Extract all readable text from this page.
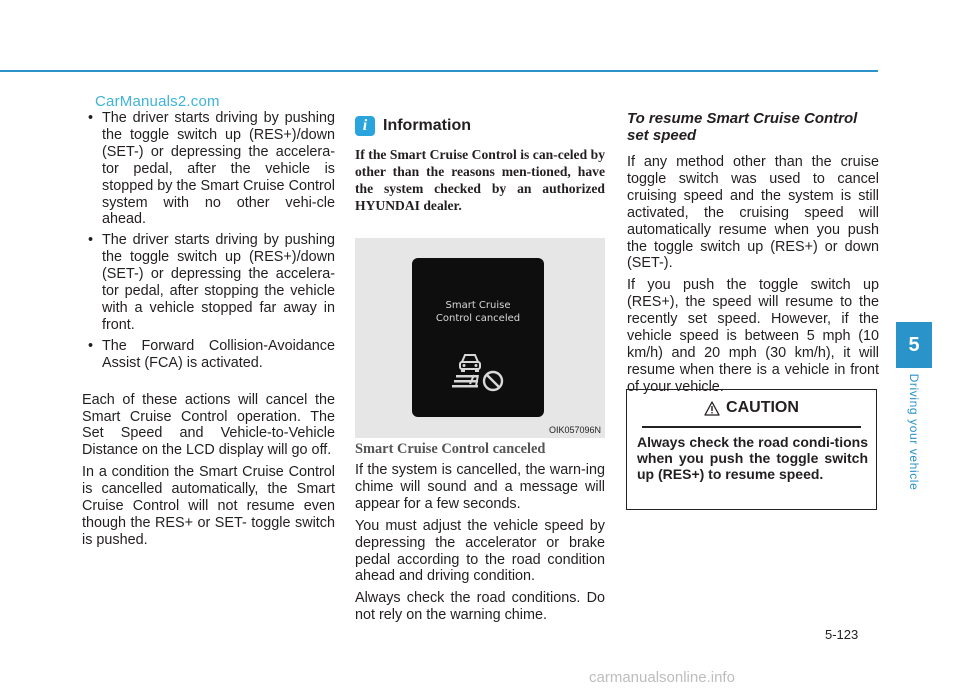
CarManuals2.com
• The driver starts driving by pushing the toggle switch up (RES+)/down (SET-) or depressing the accelera-tor pedal, after the vehicle is stopped by the Smart Cruise Control system with no other vehi-cle ahead.
• The driver starts driving by pushing the toggle switch up (RES+)/down (SET-) or depressing the accelera-tor pedal, after stopping the vehicle with a vehicle stopped far away in front.
• The Forward Collision-Avoidance Assist (FCA) is activated.

Each of these actions will cancel the Smart Cruise Control operation. The Set Speed and Vehicle-to-Vehicle Distance on the LCD display will go off.

In a condition the Smart Cruise Control is cancelled automatically, the Smart Cruise Control will not resume even though the RES+ or SET- toggle switch is pushed.

i Information

If the Smart Cruise Control is can-celed by other than the reasons men-tioned, have the system checked by an authorized HYUNDAI dealer.

Smart Cruise
Control canceled
OIK057096N
Smart Cruise Control canceled

If the system is cancelled, the warn-ing chime will sound and a message will appear for a few seconds.

You must adjust the vehicle speed by depressing the accelerator or brake pedal according to the road condition ahead and driving condition.

Always check the road conditions. Do not rely on the warning chime.

To resume Smart Cruise Control set speed

If any method other than the cruise toggle switch was used to cancel cruising speed and the system is still activated, the cruising speed will automatically resume when you push the toggle switch up (RES+) or down (SET-).

If you push the toggle switch up (RES+), the speed will resume to the recently set speed. However, if the vehicle speed is between 5 mph (10 km/h) and 20 mph (30 km/h), it will resume when there is a vehicle in front of your vehicle.

CAUTION

Always check the road condi-tions when you push the toggle switch up (RES+) to resume speed.

5
Driving your vehicle
5-123
carmanualsonline.info
